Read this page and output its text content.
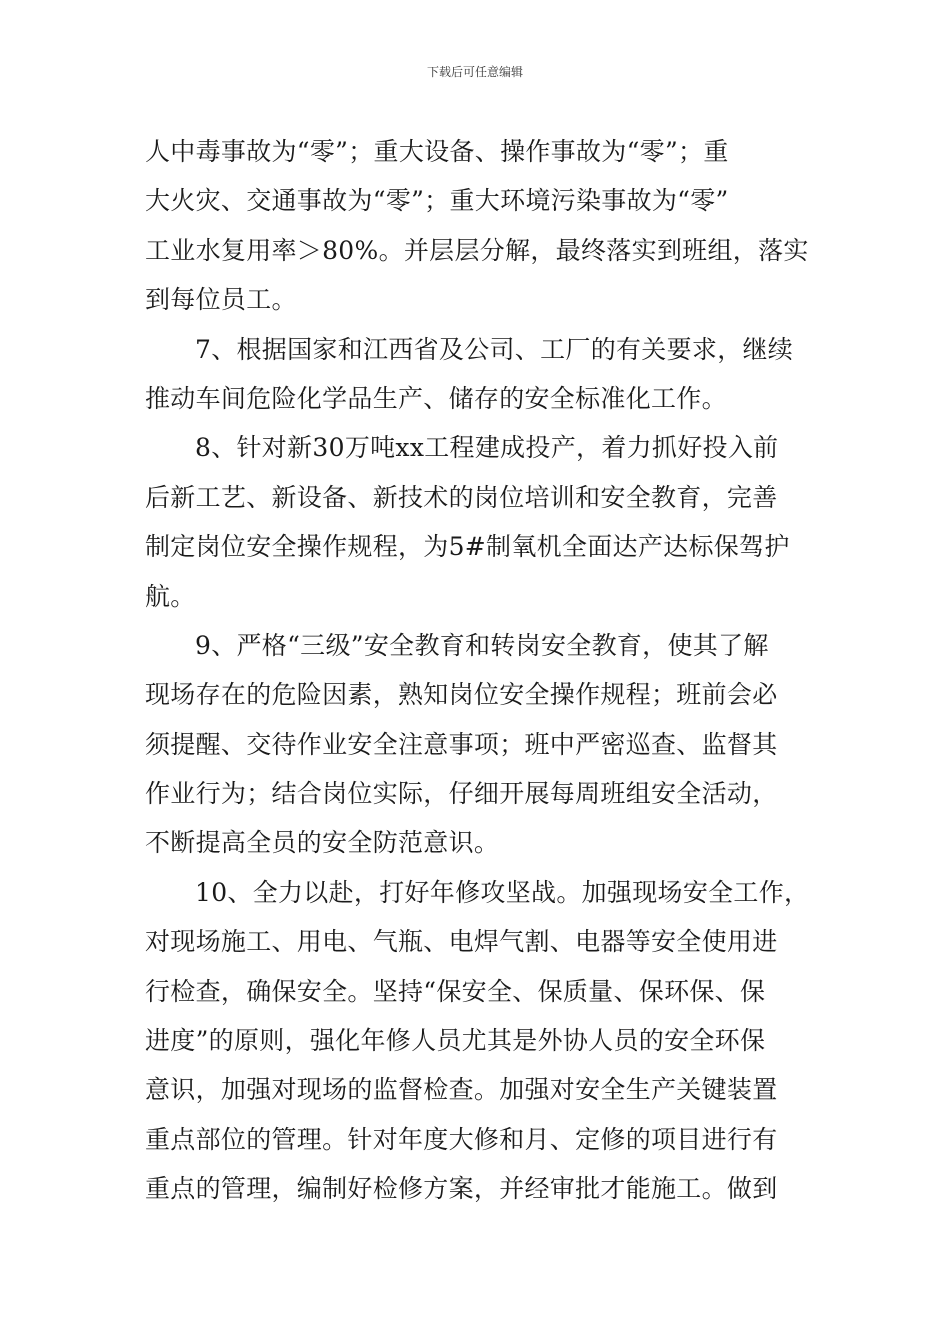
下载后可任意编辑
人中毒事故为“零”；重大设备、操作事故为“零”；重
大火灾、交通事故为“零”；重大环境污染事故为“零”
工业水复用率＞80%。并层层分解，最终落实到班组，落实
到每位员工。
7、根据国家和江西省及公司、工厂的有关要求，继续
推动车间危险化学品生产、储存的安全标准化工作。
8、针对新30万吨xx工程建成投产，着力抓好投入前
后新工艺、新设备、新技术的岗位培训和安全教育，完善
制定岗位安全操作规程，为5#制氧机全面达产达标保驾护
航。
9、严格“三级”安全教育和转岗安全教育，使其了解
现场存在的危险因素，熟知岗位安全操作规程；班前会必
须提醒、交待作业安全注意事项；班中严密巡查、监督其
作业行为；结合岗位实际，仔细开展每周班组安全活动，
不断提高全员的安全防范意识。
10、全力以赴，打好年修攻坚战。加强现场安全工作，
对现场施工、用电、气瓶、电焊气割、电器等安全使用进
行检查，确保安全。坚持“保安全、保质量、保环保、保
进度”的原则，强化年修人员尤其是外协人员的安全环保
意识，加强对现场的监督检查。加强对安全生产关键装置
重点部位的管理。针对年度大修和月、定修的项目进行有
重点的管理，编制好检修方案，并经审批才能施工。做到
